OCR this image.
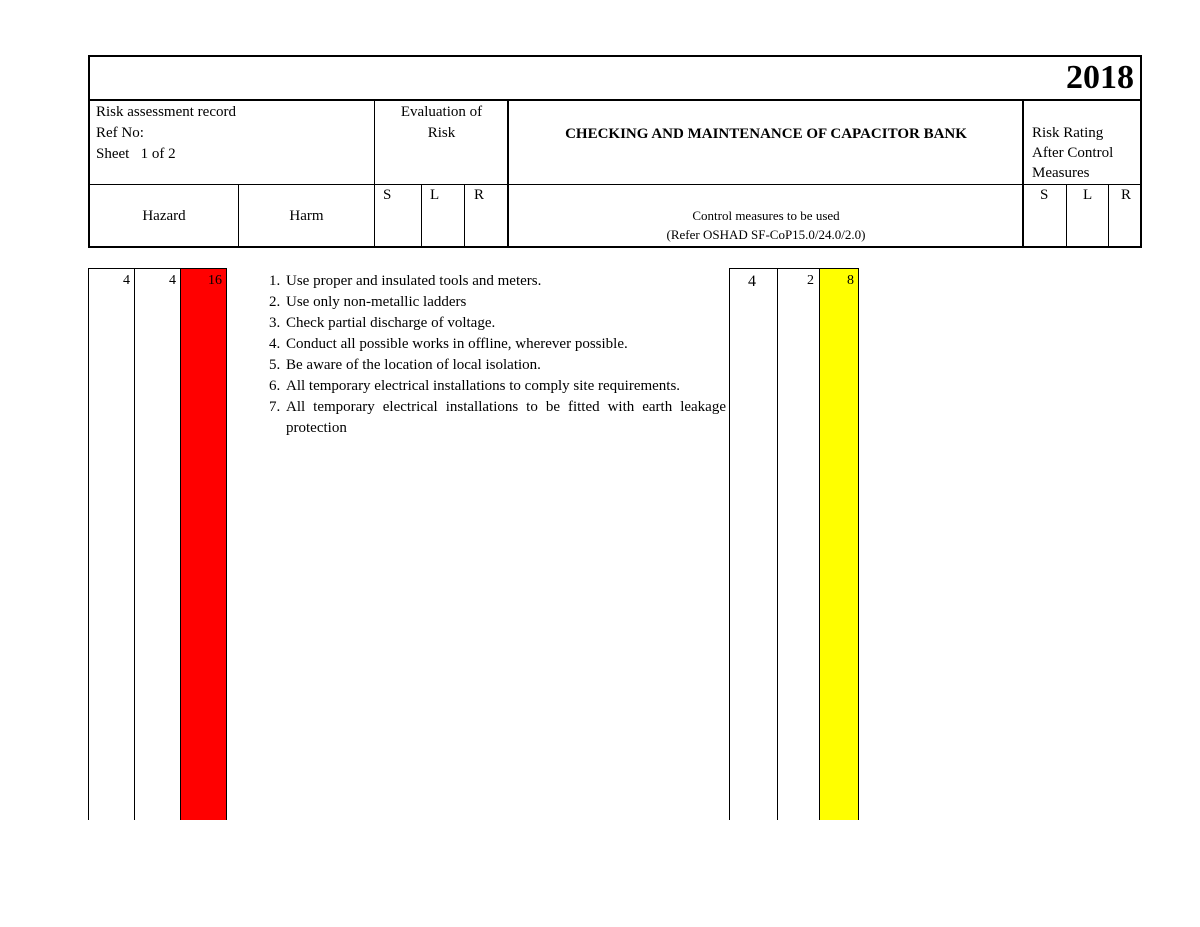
2018
Risk assessment record
Ref No:
Sheet   1 of 2
Evaluation of
Risk	CHECKING AND MAINTENANCE OF CAPACITOR BANK	Risk Rating
After Control
Measures
Hazard	Harm
S	L R
Control measures to be used
(Refer OSHAD SF-CoP15.0/24.0/2.0)
S L R
4	4	16
1.	Use proper and insulated tools and meters.
2. Use only non-metallic ladders
3. Check partial discharge of voltage.
4. Conduct all possible works in offline, wherever possible.
5. Be aware of the location of local isolation.
6. All temporary electrical installations to comply site requirements.
7. All temporary electrical installations to be fitted with earth leakage protection
4	2	8
